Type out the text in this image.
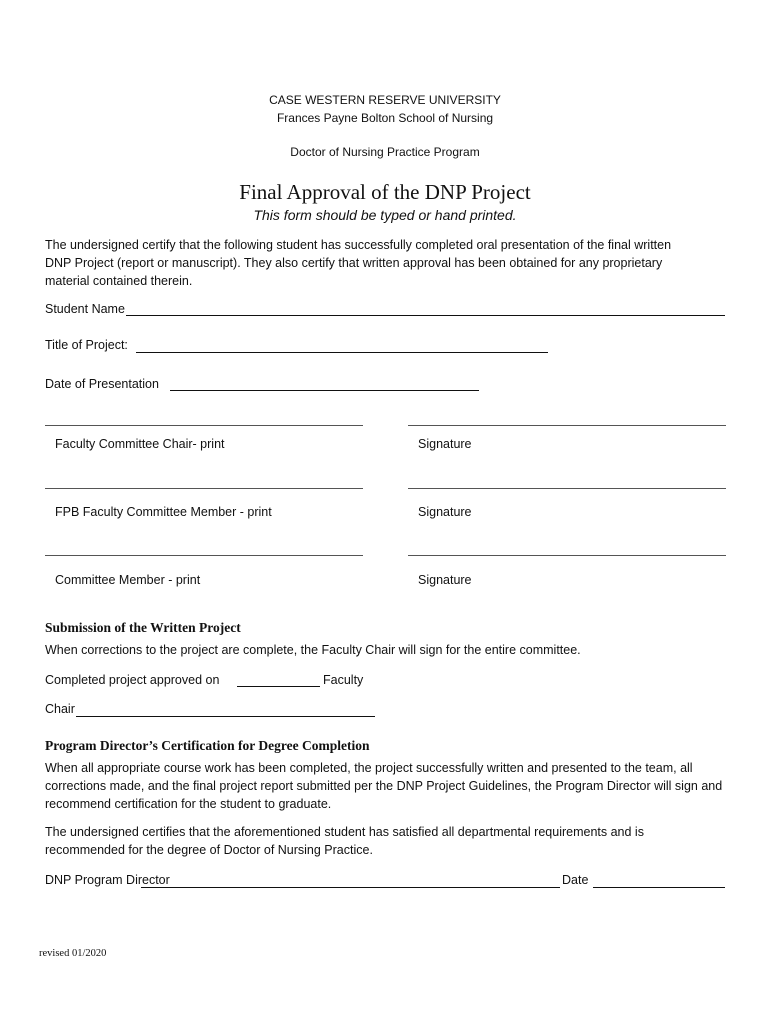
CASE WESTERN RESERVE UNIVERSITY
Frances Payne Bolton School of Nursing
Doctor of Nursing Practice Program
Final Approval of the DNP Project
This form should be typed or hand printed.
The undersigned certify that the following student has successfully completed oral presentation of the final written DNP Project (report or manuscript). They also certify that written approval has been obtained for any proprietary material contained therein.
Student Name
Title of Project:
Date of Presentation
Faculty Committee Chair- print	Signature
FPB Faculty Committee Member - print	Signature
Committee Member - print	Signature
Submission of the Written Project
When corrections to the project are complete, the Faculty Chair will sign for the entire committee.
Completed project approved on	Faculty
Chair
Program Director’s Certification for Degree Completion
When all appropriate course work has been completed, the project successfully written and presented to the team, all corrections made, and the final project report submitted per the DNP Project Guidelines, the Program Director will sign and recommend certification for the student to graduate.
The undersigned certifies that the aforementioned student has satisfied all departmental requirements and is recommended for the degree of Doctor of Nursing Practice.
DNP Program Director	Date
revised 01/2020
